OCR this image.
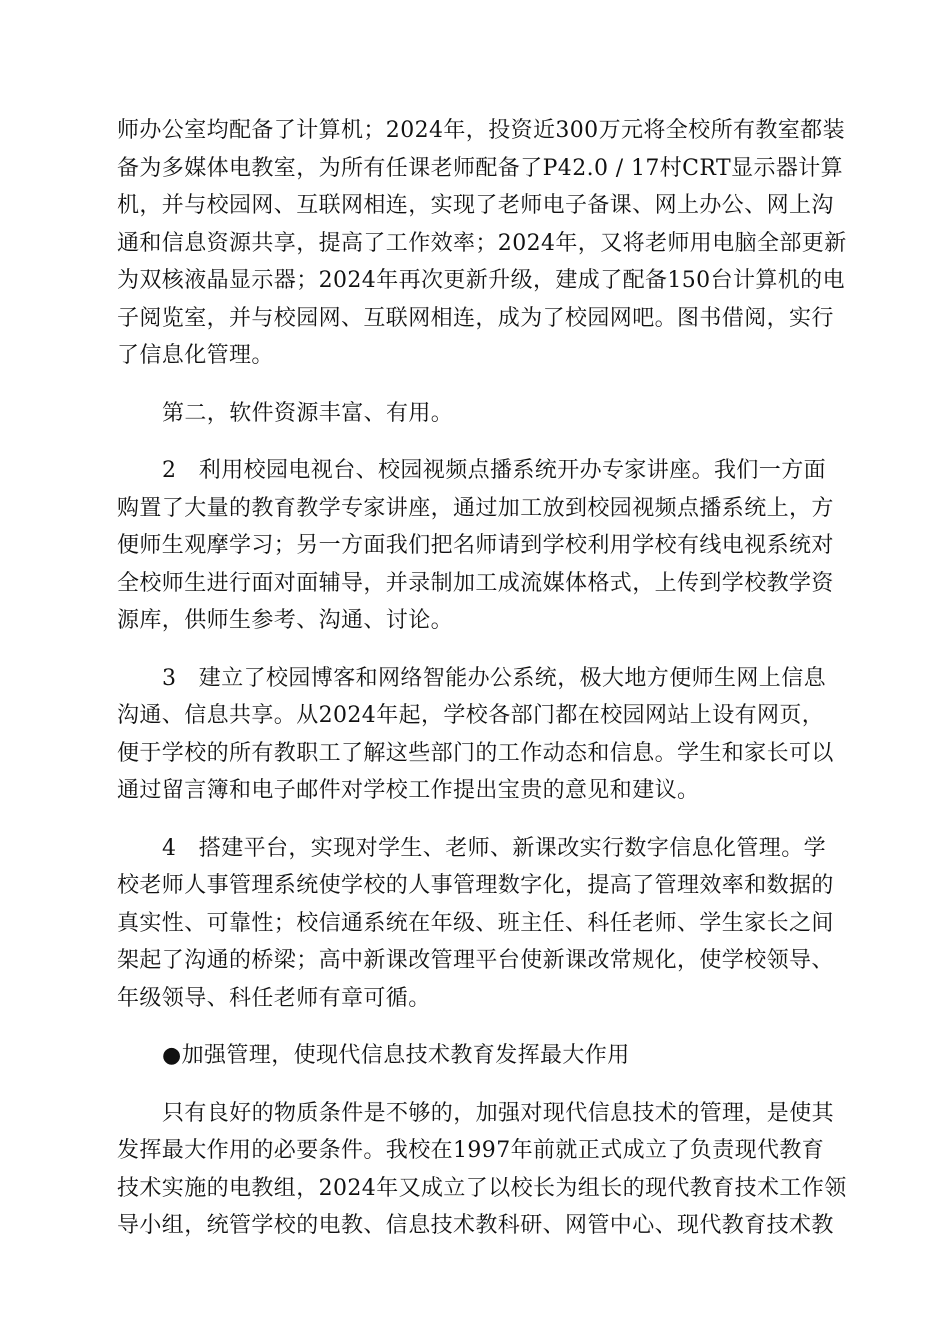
师办公室均配备了计算机；2024年，投资近300万元将全校所有教室都装
备为多媒体电教室，为所有任课老师配备了P42.0 / 17村CRT显示器计算
机，并与校园网、互联网相连，实现了老师电子备课、网上办公、网上沟
通和信息资源共享，提高了工作效率；2024年，又将老师用电脑全部更新
为双核液晶显示器；2024年再次更新升级，建成了配备150台计算机的电
子阅览室，并与校园网、互联网相连，成为了校园网吧。图书借阅，实行
了信息化管理。

第二，软件资源丰富、有用。

2　利用校园电视台、校园视频点播系统开办专家讲座。我们一方面
购置了大量的教育教学专家讲座，通过加工放到校园视频点播系统上，方
便师生观摩学习；另一方面我们把名师请到学校利用学校有线电视系统对
全校师生进行面对面辅导，并录制加工成流媒体格式，上传到学校教学资
源库，供师生参考、沟通、讨论。

3　建立了校园博客和网络智能办公系统，极大地方便师生网上信息
沟通、信息共享。从2024年起，学校各部门都在校园网站上设有网页，
便于学校的所有教职工了解这些部门的工作动态和信息。学生和家长可以
通过留言簿和电子邮件对学校工作提出宝贵的意见和建议。

4　搭建平台，实现对学生、老师、新课改实行数字信息化管理。学
校老师人事管理系统使学校的人事管理数字化，提高了管理效率和数据的
真实性、可靠性；校信通系统在年级、班主任、科任老师、学生家长之间
架起了沟通的桥梁；高中新课改管理平台使新课改常规化，使学校领导、
年级领导、科任老师有章可循。

●加强管理，使现代信息技术教育发挥最大作用

只有良好的物质条件是不够的，加强对现代信息技术的管理，是使其
发挥最大作用的必要条件。我校在1997年前就正式成立了负责现代教育
技术实施的电教组，2024年又成立了以校长为组长的现代教育技术工作领
导小组，统管学校的电教、信息技术教科研、网管中心、现代教育技术教
